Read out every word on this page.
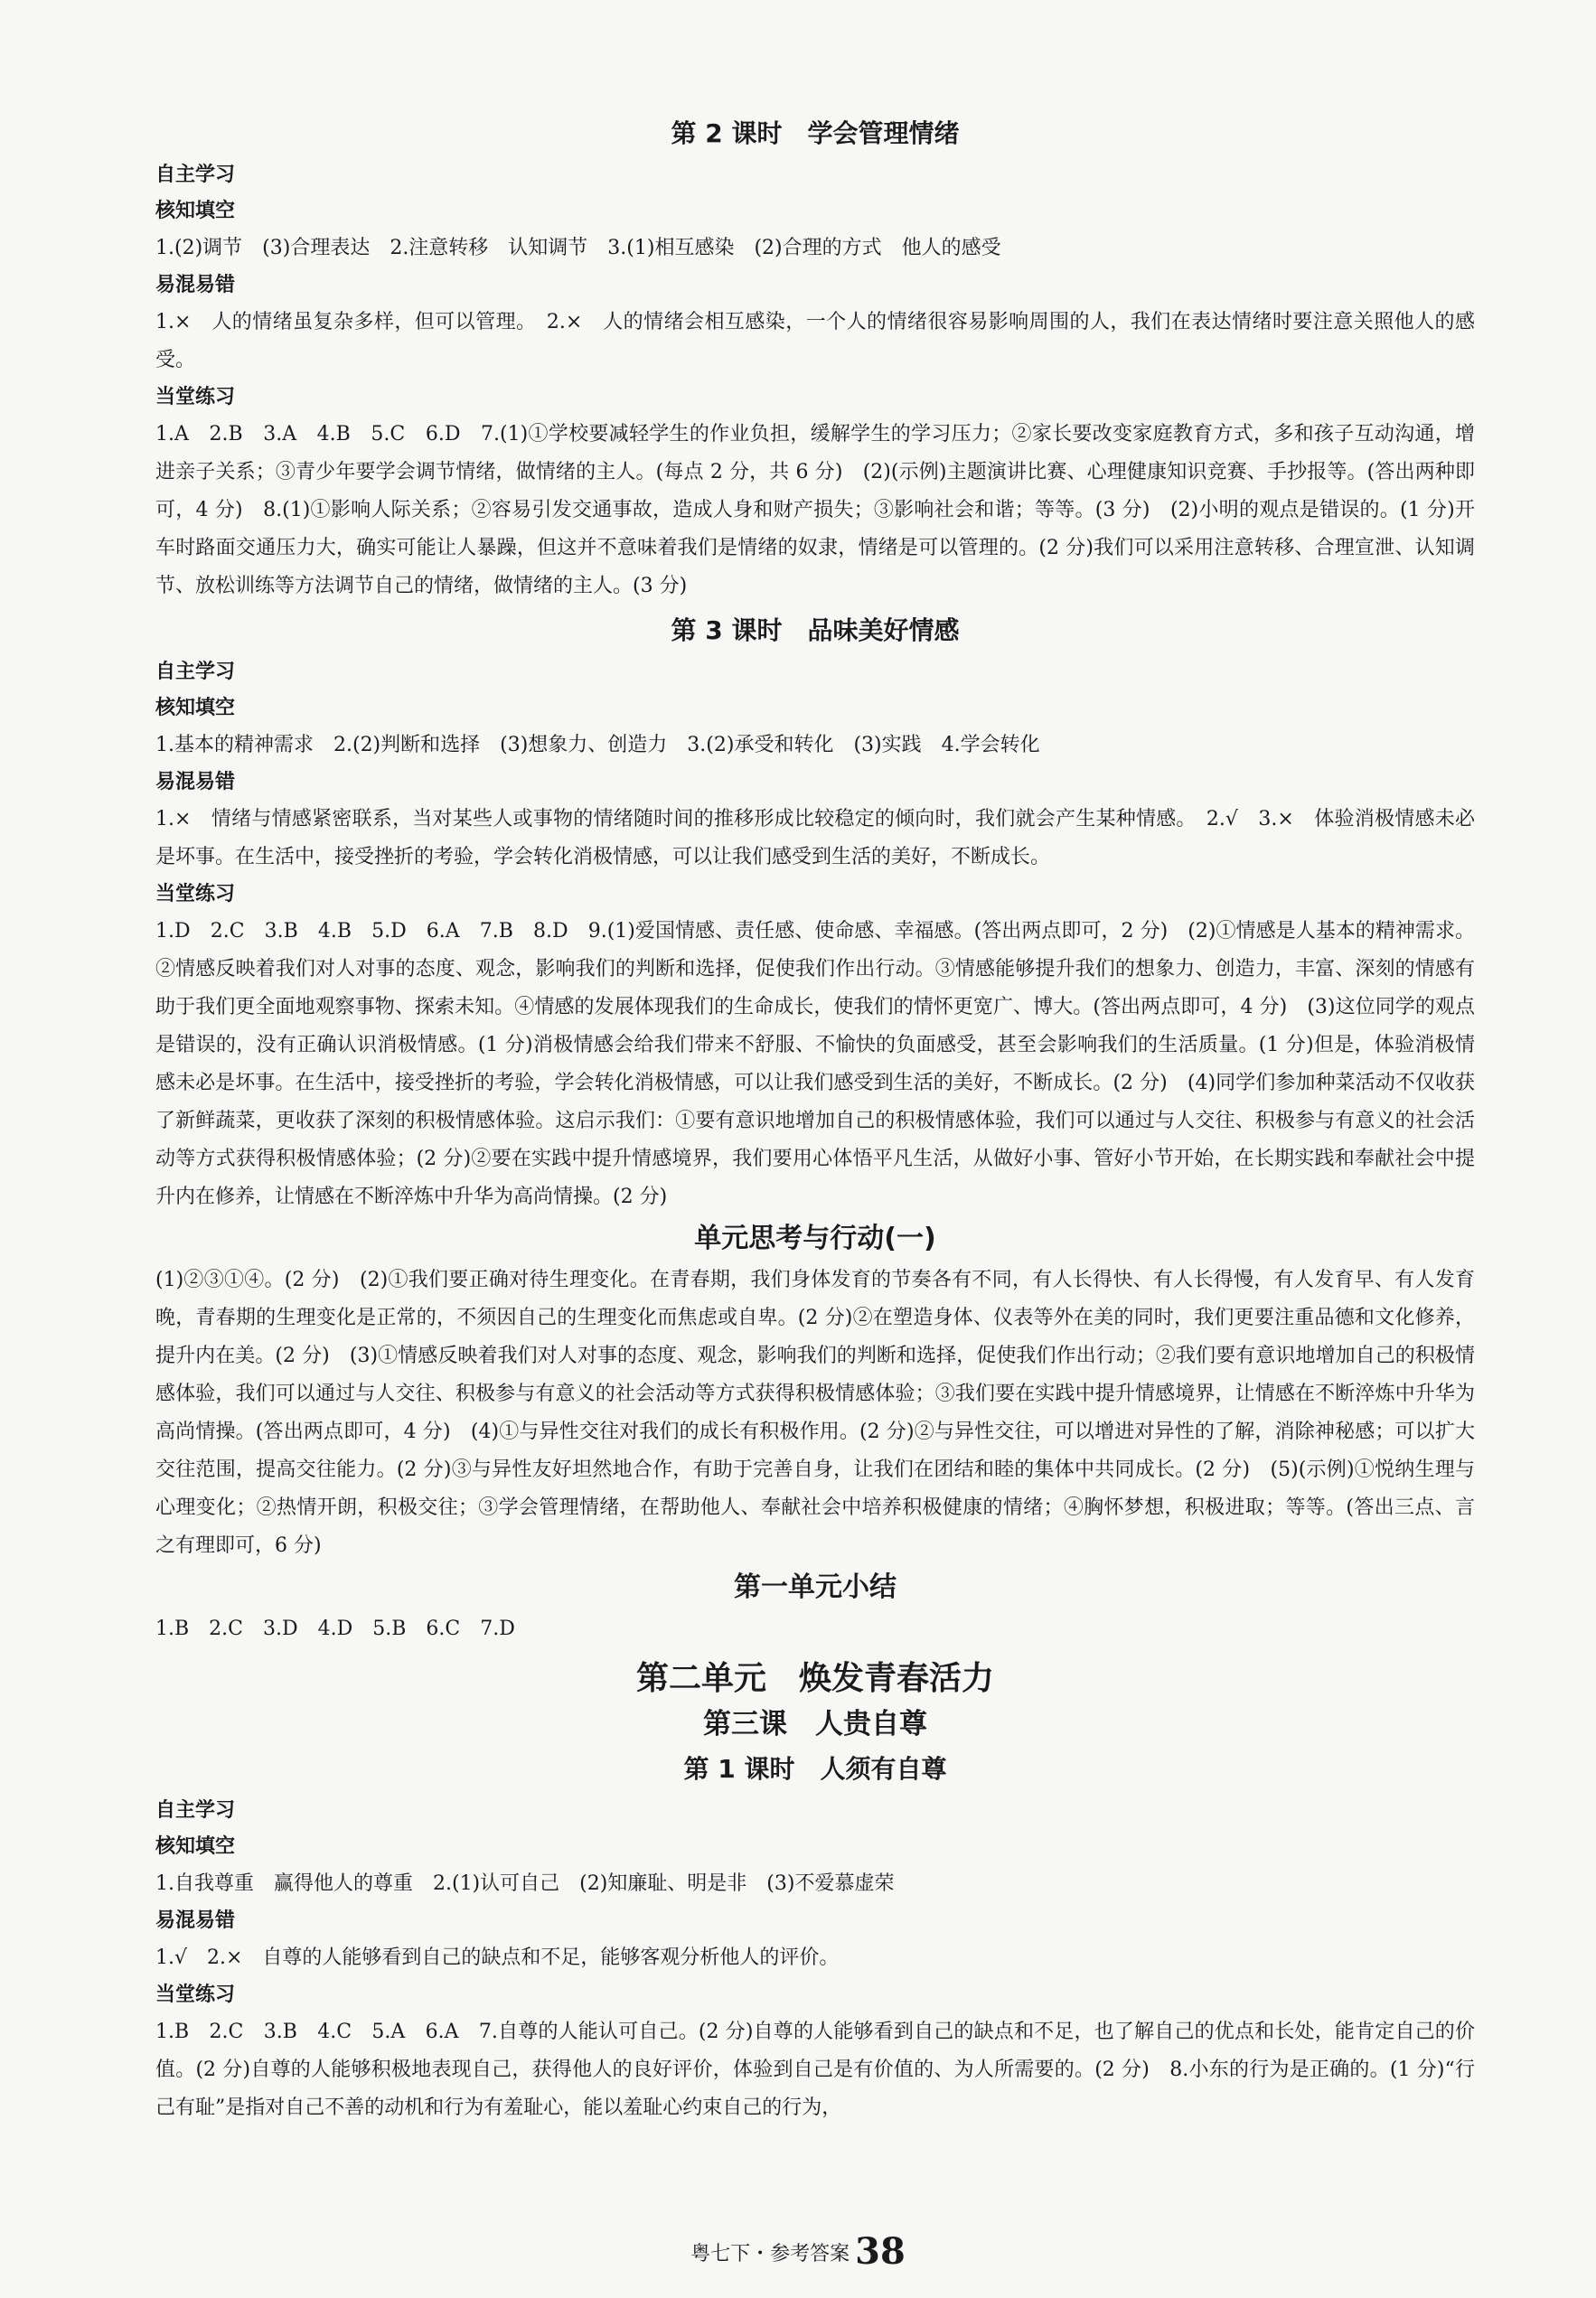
第 2 课时　学会管理情绪
自主学习
核知填空
1.(2)调节　(3)合理表达　2.注意转移　认知调节　3.(1)相互感染　(2)合理的方式　他人的感受
易混易错
1.×　人的情绪虽复杂多样，但可以管理。　2.×　人的情绪会相互感染，一个人的情绪很容易影响周围的人，我们在表达情绪时要注意关照他人的感受。
当堂练习
1.A　2.B　3.A　4.B　5.C　6.D　7.(1)①学校要减轻学生的作业负担，缓解学生的学习压力；②家长要改变家庭教育方式，多和孩子互动沟通，增进亲子关系；③青少年要学会调节情绪，做情绪的主人。(每点 2 分，共 6 分)　(2)(示例)主题演讲比赛、心理健康知识竞赛、手抄报等。(答出两种即可，4 分)　8.(1)①影响人际关系；②容易引发交通事故，造成人身和财产损失；③影响社会和谐；等等。(3 分)　(2)小明的观点是错误的。(1 分)开车时路面交通压力大，确实可能让人暴躁，但这并不意味着我们是情绪的奴隶，情绪是可以管理的。(2 分)我们可以采用注意转移、合理宣泄、认知调节、放松训练等方法调节自己的情绪，做情绪的主人。(3 分)
第 3 课时　品味美好情感
自主学习
核知填空
1.基本的精神需求　2.(2)判断和选择　(3)想象力、创造力　3.(2)承受和转化　(3)实践　4.学会转化
易混易错
1.×　情绪与情感紧密联系，当对某些人或事物的情绪随时间的推移形成比较稳定的倾向时，我们就会产生某种情感。　2.√　3.×　体验消极情感未必是坏事。在生活中，接受挫折的考验，学会转化消极情感，可以让我们感受到生活的美好，不断成长。
当堂练习
1.D　2.C　3.B　4.B　5.D　6.A　7.B　8.D　9.(1)爱国情感、责任感、使命感、幸福感。(答出两点即可，2 分)　(2)①情感是人基本的精神需求。②情感反映着我们对人对事的态度、观念，影响我们的判断和选择，促使我们作出行动。③情感能够提升我们的想象力、创造力，丰富、深刻的情感有助于我们更全面地观察事物、探索未知。④情感的发展体现我们的生命成长，使我们的情怀更宽广、博大。(答出两点即可，4 分)　(3)这位同学的观点是错误的，没有正确认识消极情感。(1 分)消极情感会给我们带来不舒服、不愉快的负面感受，甚至会影响我们的生活质量。(1 分)但是，体验消极情感未必是坏事。在生活中，接受挫折的考验，学会转化消极情感，可以让我们感受到生活的美好，不断成长。(2 分)　(4)同学们参加种菜活动不仅收获了新鲜蔬菜，更收获了深刻的积极情感体验。这启示我们：①要有意识地增加自己的积极情感体验，我们可以通过与人交往、积极参与有意义的社会活动等方式获得积极情感体验；(2 分)②要在实践中提升情感境界，我们要用心体悟平凡生活，从做好小事、管好小节开始，在长期实践和奉献社会中提升内在修养，让情感在不断淬炼中升华为高尚情操。(2 分)
单元思考与行动(一)
(1)②③①④。(2 分)　(2)①我们要正确对待生理变化。在青春期，我们身体发育的节奏各有不同，有人长得快、有人长得慢，有人发育早、有人发育晚，青春期的生理变化是正常的，不须因自己的生理变化而焦虑或自卑。(2 分)②在塑造身体、仪表等外在美的同时，我们更要注重品德和文化修养，提升内在美。(2 分)　(3)①情感反映着我们对人对事的态度、观念，影响我们的判断和选择，促使我们作出行动；②我们要有意识地增加自己的积极情感体验，我们可以通过与人交往、积极参与有意义的社会活动等方式获得积极情感体验；③我们要在实践中提升情感境界，让情感在不断淬炼中升华为高尚情操。(答出两点即可，4 分)　(4)①与异性交往对我们的成长有积极作用。(2 分)②与异性交往，可以增进对异性的了解，消除神秘感；可以扩大交往范围，提高交往能力。(2 分)③与异性友好坦然地合作，有助于完善自身，让我们在团结和睦的集体中共同成长。(2 分)　(5)(示例)①悦纳生理与心理变化；②热情开朗，积极交往；③学会管理情绪，在帮助他人、奉献社会中培养积极健康的情绪；④胸怀梦想，积极进取；等等。(答出三点、言之有理即可，6 分)
第一单元小结
1.B　2.C　3.D　4.D　5.B　6.C　7.D
第二单元　焕发青春活力
第三课　人贵自尊
第 1 课时　人须有自尊
自主学习
核知填空
1.自我尊重　赢得他人的尊重　2.(1)认可自己　(2)知廉耻、明是非　(3)不爱慕虚荣
易混易错
1.√　2.×　自尊的人能够看到自己的缺点和不足，能够客观分析他人的评价。
当堂练习
1.B　2.C　3.B　4.C　5.A　6.A　7.自尊的人能认可自己。(2 分)自尊的人能够看到自己的缺点和不足，也了解自己的优点和长处，能肯定自己的价值。(2 分)自尊的人能够积极地表现自己，获得他人的良好评价，体验到自己是有价值的、为人所需要的。(2 分)　8.小东的行为是正确的。(1 分)“行己有耻”是指对自己不善的动机和行为有羞耻心，能以羞耻心约束自己的行为，
粤七下・参考答案 38
